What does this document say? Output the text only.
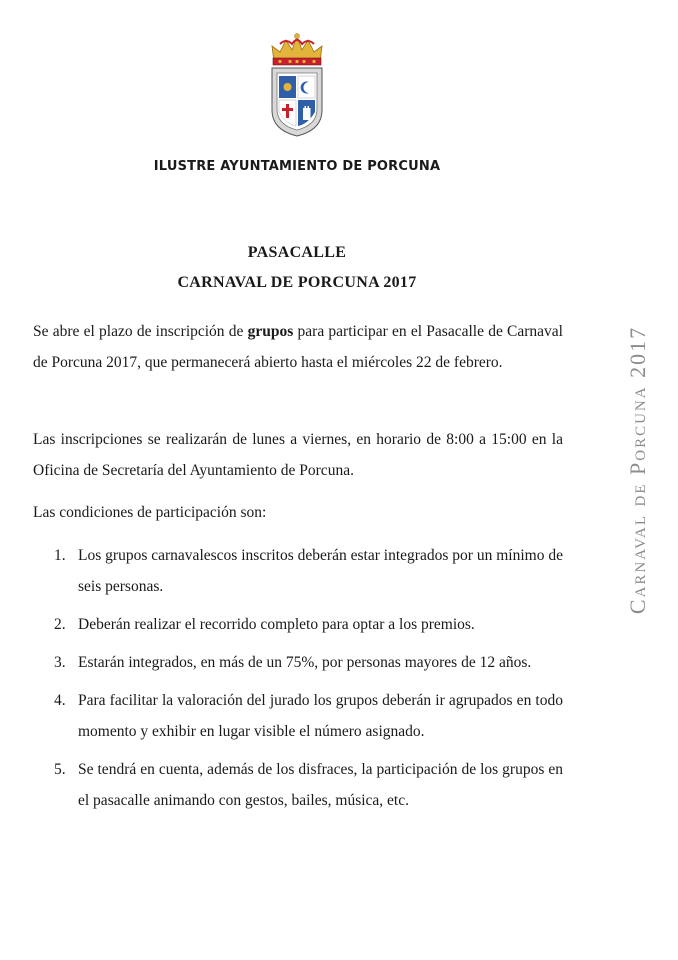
ILUSTRE AYUNTAMIENTO DE PORCUNA
PASACALLE
CARNAVAL DE PORCUNA 2017

Se abre el plazo de inscripción de grupos para participar en el Pasacalle de Carnaval de Porcuna 2017, que permanecerá abierto hasta el miércoles 22 de febrero.

Las inscripciones se realizarán de lunes a viernes, en horario de 8:00 a 15:00 en la Oficina de Secretaría del Ayuntamiento de Porcuna.

Las condiciones de participación son:

1. Los grupos carnavalescos inscritos deberán estar integrados por un mínimo de seis personas.
2. Deberán realizar el recorrido completo para optar a los premios.
3. Estarán integrados, en más de un 75%, por personas mayores de 12 años.
4. Para facilitar la valoración del jurado los grupos deberán ir agrupados en todo momento y exhibir en lugar visible el número asignado.
5. Se tendrá en cuenta, además de los disfraces, la participación de los grupos en el pasacalle animando con gestos, bailes, música, etc.
Carnaval de Porcuna 2017
